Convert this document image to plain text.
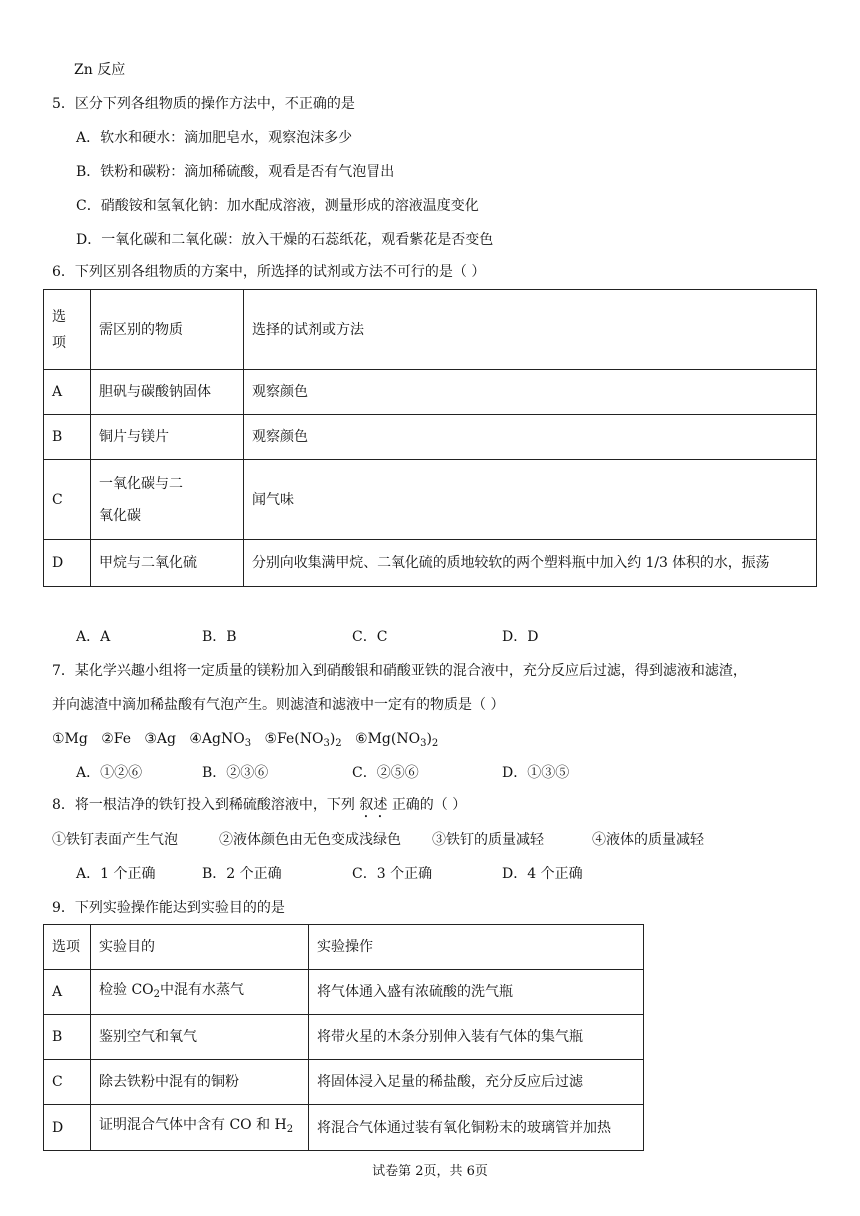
Zn 反应
5．区分下列各组物质的操作方法中，不正确的是
A．软水和硬水：滴加肥皂水，观察泡沫多少
B．铁粉和碳粉：滴加稀硫酸，观看是否有气泡冒出
C．硝酸铵和氢氧化钠：加水配成溶液，测量形成的溶液温度变化
D．一氧化碳和二氧化碳：放入干燥的石蕊纸花，观看紫花是否变色
6．下列区别各组物质的方案中，所选择的试剂或方法不可行的是（ ）
选项	需区别的物质	选择的试剂或方法
A	胆矾与碳酸钠固体	观察颜色
B	铜片与镁片	观察颜色
C	一氧化碳与二氧化碳	闻气味
D	甲烷与二氧化硫	分别向收集满甲烷、二氧化硫的质地较软的两个塑料瓶中加入约 1/3 体积的水，振荡
A．A	B．B	C．C	D．D
7．某化学兴趣小组将一定质量的镁粉加入到硝酸银和硝酸亚铁的混合液中，充分反应后过滤，得到滤液和滤渣，
并向滤渣中滴加稀盐酸有气泡产生。则滤渣和滤液中一定有的物质是（ ）
①Mg ②Fe ③Ag ④AgNO$_3$ $⑤Fe(NO_3)_2$ $⑥Mg(NO_3)_2$
A．①②⑥	B．②③⑥	C．②⑤⑥	D．①③⑤
8．将一根洁净的铁钉投入到稀硫酸溶液中，下列 叙述 正确的（ ）
①铁钉表面产生气泡	②液体颜色由无色变成浅绿色 ③铁钉的质量减轻	④液体的质量减轻
A．1 个正确	B．2 个正确	C．3 个正确	D．4 个正确
9．下列实验操作能达到实验目的的是
选项	实验目的	实验操作
A	检验 $CO_2$中混有水蒸气	将气体通入盛有浓硫酸的洗气瓶
B	鉴别空气和氧气	将带火星的木条分别伸入装有气体的集气瓶
C	除去铁粉中混有的铜粉	将固体浸入足量的稀盐酸，充分反应后过滤
D	证明混合气体中含有 CO 和 $H_2$	将混合气体通过装有氧化铜粉末的玻璃管并加热
试卷第 2页，共 6页
